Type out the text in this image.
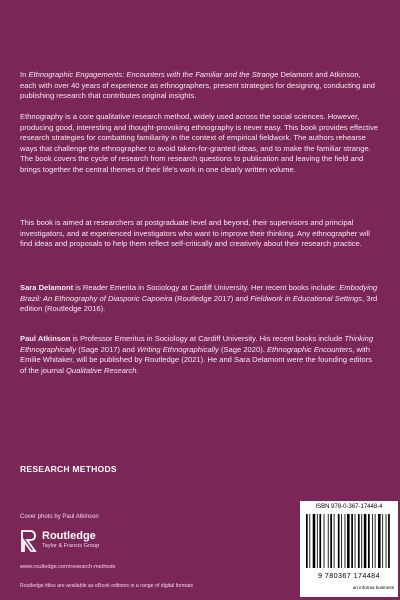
In Ethnographic Engagements: Encounters with the Familiar and the Strange Delamont and Atkinson, each with over 40 years of experience as ethnographers, present strategies for designing, conducting and publishing research that contributes original insights.

Ethnography is a core qualitative research method, widely used across the social sciences. However, producing good, interesting and thought-provoking ethnography is never easy. This book provides effective research strategies for combatting familiarity in the context of empirical fieldwork. The authors rehearse ways that challenge the ethnographer to avoid taken-for-granted ideas, and to make the familiar strange. The book covers the cycle of research from research questions to publication and leaving the field and brings together the central themes of their life's work in one clearly written volume.

This book is aimed at researchers at postgraduate level and beyond, their supervisors and principal investigators, and at experienced investigators who want to improve their thinking. Any ethnographer will find ideas and proposals to help them reflect self-critically and creatively about their research practice.

Sara Delamont is Reader Emerita in Sociology at Cardiff University. Her recent books include: Embodying Brazil: An Ethnography of Diasporic Capoeira (Routledge 2017) and Fieldwork in Educational Settings, 3rd edition (Routledge 2016).

Paul Atkinson is Professor Emeritus in Sociology at Cardiff University. His recent books include Thinking Ethnographically (Sage 2017) and Writing Ethnographically (Sage 2020). Ethnographic Encounters, with Emilie Whitaker, will be published by Routledge (2021). He and Sara Delamont were the founding editors of the journal Qualitative Research.

RESEARCH METHODS
Cover photo by Paul Atkinson
Routledge
Taylor & Francis Group
www.routledge.com/research-methods
Routledge titles are available as eBook editions in a range of digital formats
ISBN 978-0-367-17448-4
9 780367 174484
an informa business
